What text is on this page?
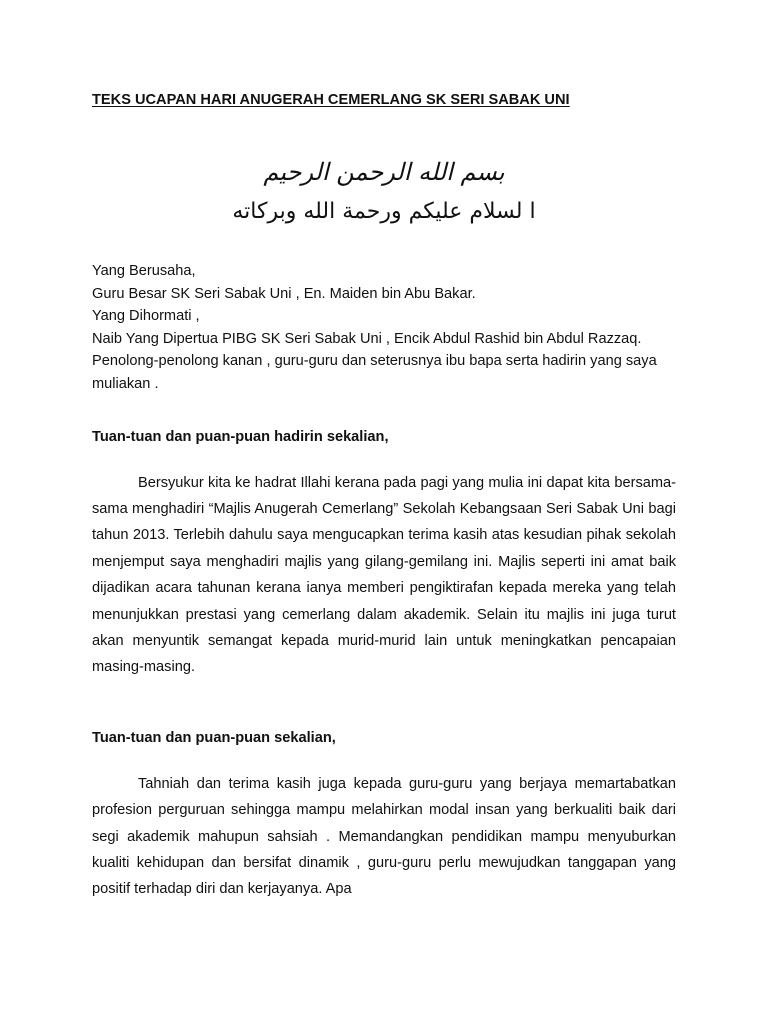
TEKS UCAPAN HARI ANUGERAH CEMERLANG SK SERI SABAK UNI

بسم الله الرحمن الرحيم
ا لسلام عليكم ورحمة الله وبركاته
Yang Berusaha,
Guru Besar SK Seri Sabak Uni , En. Maiden bin Abu Bakar.
Yang Dihormati ,
Naib Yang Dipertua PIBG SK Seri Sabak Uni , Encik Abdul Rashid bin Abdul Razzaq.
Penolong-penolong kanan , guru-guru dan seterusnya ibu bapa serta hadirin yang saya muliakan .
Tuan-tuan dan puan-puan hadirin sekalian,

Bersyukur kita ke hadrat Illahi kerana pada pagi yang mulia ini dapat kita bersama-sama menghadiri “Majlis Anugerah Cemerlang” Sekolah Kebangsaan Seri Sabak Uni bagi tahun 2013. Terlebih dahulu saya mengucapkan terima kasih atas kesudian pihak sekolah menjemput saya menghadiri majlis yang gilang-gemilang ini. Majlis seperti ini amat baik dijadikan acara tahunan kerana ianya memberi pengiktirafan kepada mereka yang telah menunjukkan prestasi yang cemerlang dalam akademik. Selain itu majlis ini juga turut akan menyuntik semangat kepada murid-murid lain untuk meningkatkan pencapaian masing-masing.

Tuan-tuan dan puan-puan sekalian,

Tahniah dan terima kasih juga kepada guru-guru yang berjaya memartabatkan profesion perguruan sehingga mampu melahirkan modal insan yang berkualiti baik dari segi akademik mahupun sahsiah . Memandangkan pendidikan mampu menyuburkan kualiti kehidupan dan bersifat dinamik , guru-guru perlu mewujudkan tanggapan yang positif terhadap diri dan kerjayanya. Apa
